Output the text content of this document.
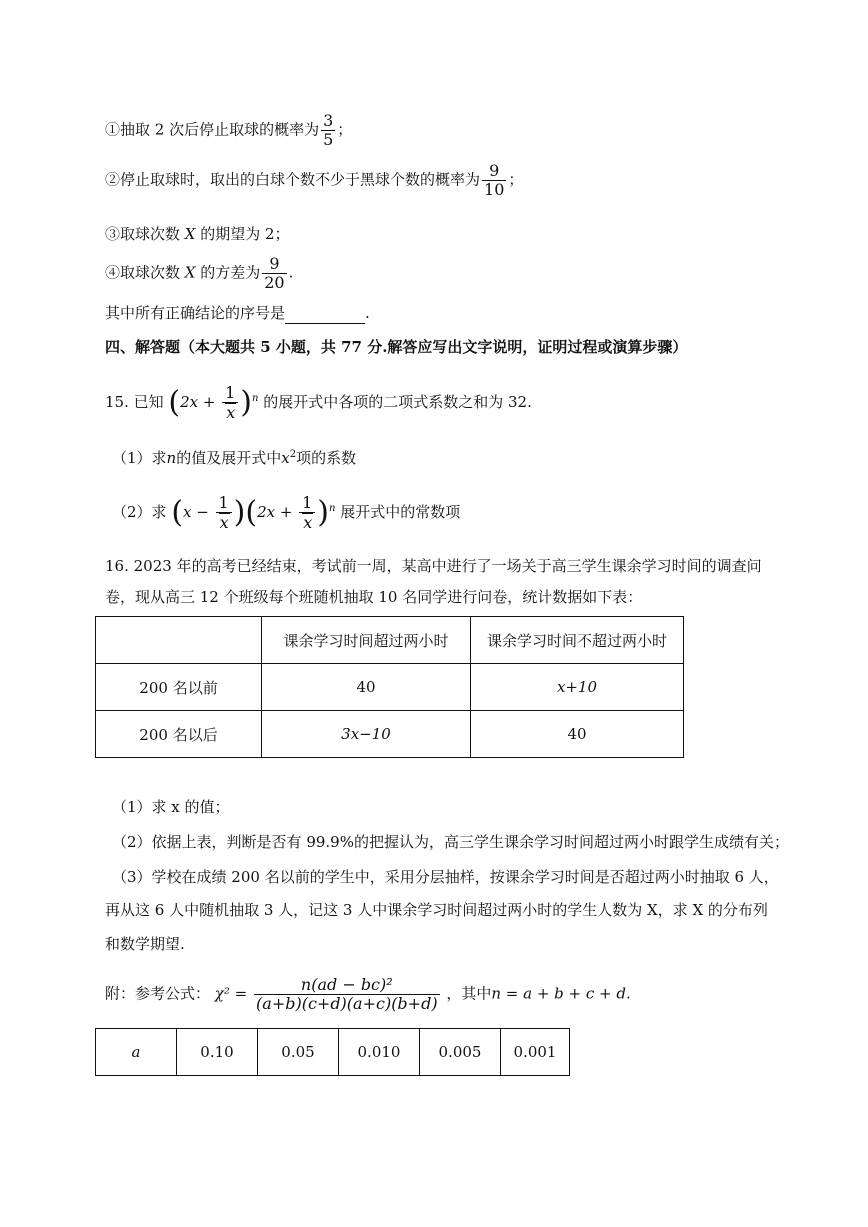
①抽取 2 次后停止取球的概率为 $\frac{3}{5}$ ；
②停止取球时，取出的白球个数不少于黑球个数的概率为 $\frac{9}{10}$ ；
③取球次数 X 的期望为 2；
④取球次数 X 的方差为 $\frac{9}{20}$ .
其中所有正确结论的序号是	.
四、解答题（本大题共 5 小题，共 77 分.解答应写出文字说明，证明过程或演算步骤）
15. 已知 $(2x + \frac{1}{x} )^n$ 的展开式中各项的二项式系数之和为 32.
（1）求n的值及展开式中$x^2$项的系数
（2）求 $(x - \frac{1}{x} )(2x + \frac{1}{x} )^n$ 展开式中的常数项
16. 2023 年的高考已经结束，考试前一周，某高中进行了一场关于高三学生课余学习时间的调查问
卷，现从高三 12 个班级每个班随机抽取 10 名同学进行问卷，统计数据如下表：
	课余学习时间超过两小时	课余学习时间不超过两小时
200 名以前	40	x+10
200 名以后	3x−10	40
（1）求 x 的值；
（2）依据上表，判断是否有 99.9%的把握认为，高三学生课余学习时间超过两小时跟学生成绩有关；
（3）学校在成绩 200 名以前的学生中，采用分层抽样，按课余学习时间是否超过两小时抽取 6 人，
再从这 6 人中随机抽取 3 人，记这 3 人中课余学习时间超过两小时的学生人数为 X，求 X 的分布列
和数学期望.
附：参考公式： $\chi^2 = \frac{\text{n(ad − bc)²}}{(a+b)(c+d)(a+c)(b+d)}$ ，其中n = a + b + c + d.
a	0.10	0.05	0.010	0.005	0.001
